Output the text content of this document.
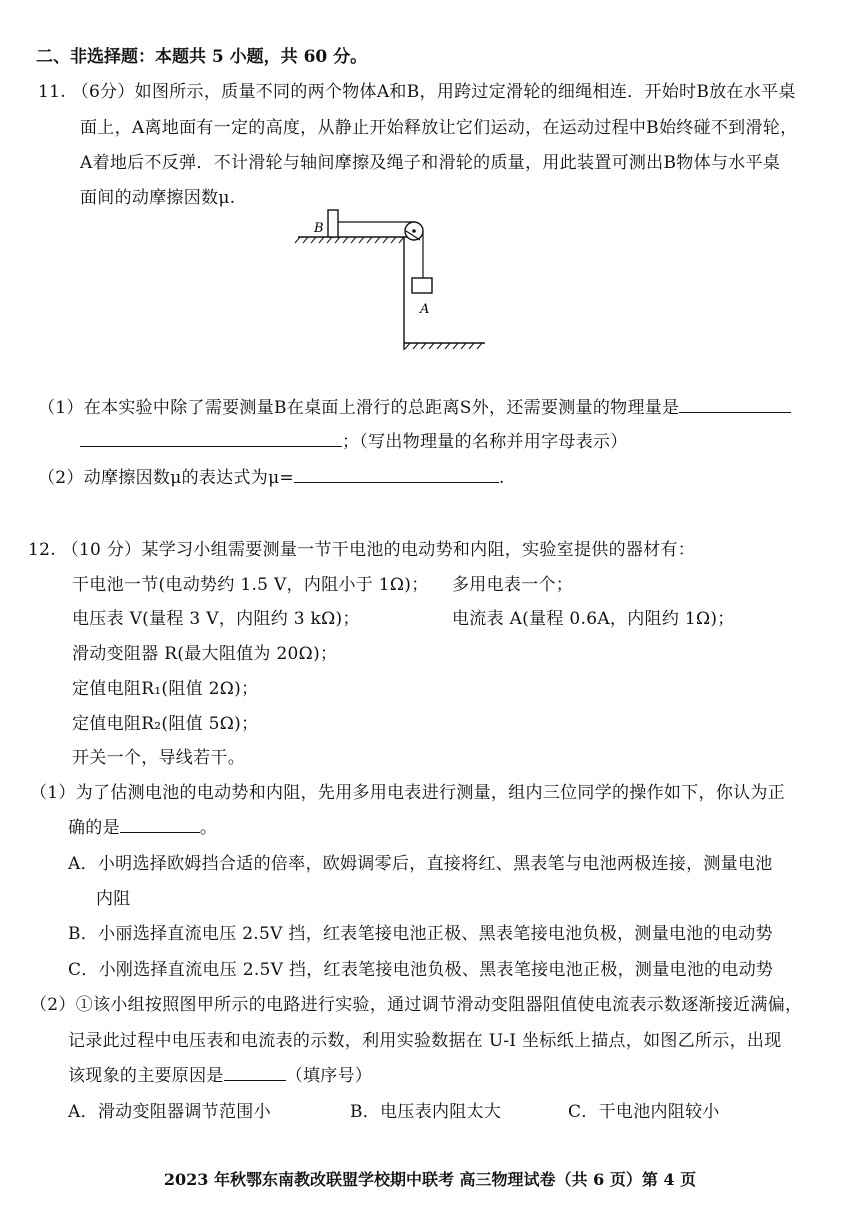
二、非选择题：本题共 5 小题，共 60 分。
11. （6分）如图所示，质量不同的两个物体A和B，用跨过定滑轮的细绳相连．开始时B放在水平桌
面上，A离地面有一定的高度，从静止开始释放让它们运动，在运动过程中B始终碰不到滑轮，
A着地后不反弹．不计滑轮与轴间摩擦及绳子和滑轮的质量，用此装置可测出B物体与水平桌
面间的动摩擦因数μ.
B
A
（1）在本实验中除了需要测量B在桌面上滑行的总距离S外，还需要测量的物理量是
；（写出物理量的名称并用字母表示）
（2）动摩擦因数μ的表达式为μ=	.
12. （10 分）某学习小组需要测量一节干电池的电动势和内阻，实验室提供的器材有：
干电池一节(电动势约 1.5 V，内阻小于 1Ω)； 多用电表一个；
电压表 V(量程 3 V，内阻约 3 kΩ)；	电流表 A(量程 0.6A，内阻约 1Ω)；
滑动变阻器 R(最大阻值为 20Ω)；
定值电阻R₁(阻值 2Ω)；
定值电阻R₂(阻值 5Ω)；
开关一个，导线若干。
（1）为了估测电池的电动势和内阻，先用多用电表进行测量，组内三位同学的操作如下，你认为正
确的是	。
A．小明选择欧姆挡合适的倍率，欧姆调零后，直接将红、黑表笔与电池两极连接，测量电池
内阻
B．小丽选择直流电压 2.5V 挡，红表笔接电池正极、黑表笔接电池负极，测量电池的电动势
C．小刚选择直流电压 2.5V 挡，红表笔接电池负极、黑表笔接电池正极，测量电池的电动势
（2）①该小组按照图甲所示的电路进行实验，通过调节滑动变阻器阻值使电流表示数逐渐接近满偏，
记录此过程中电压表和电流表的示数，利用实验数据在 U-I 坐标纸上描点，如图乙所示，出现
该现象的主要原因是	（填序号）
A．滑动变阻器调节范围小	B．电压表内阻太大	C．干电池内阻较小
2023 年秋鄂东南教改联盟学校期中联考 高三物理试卷（共 6 页）第 4 页
